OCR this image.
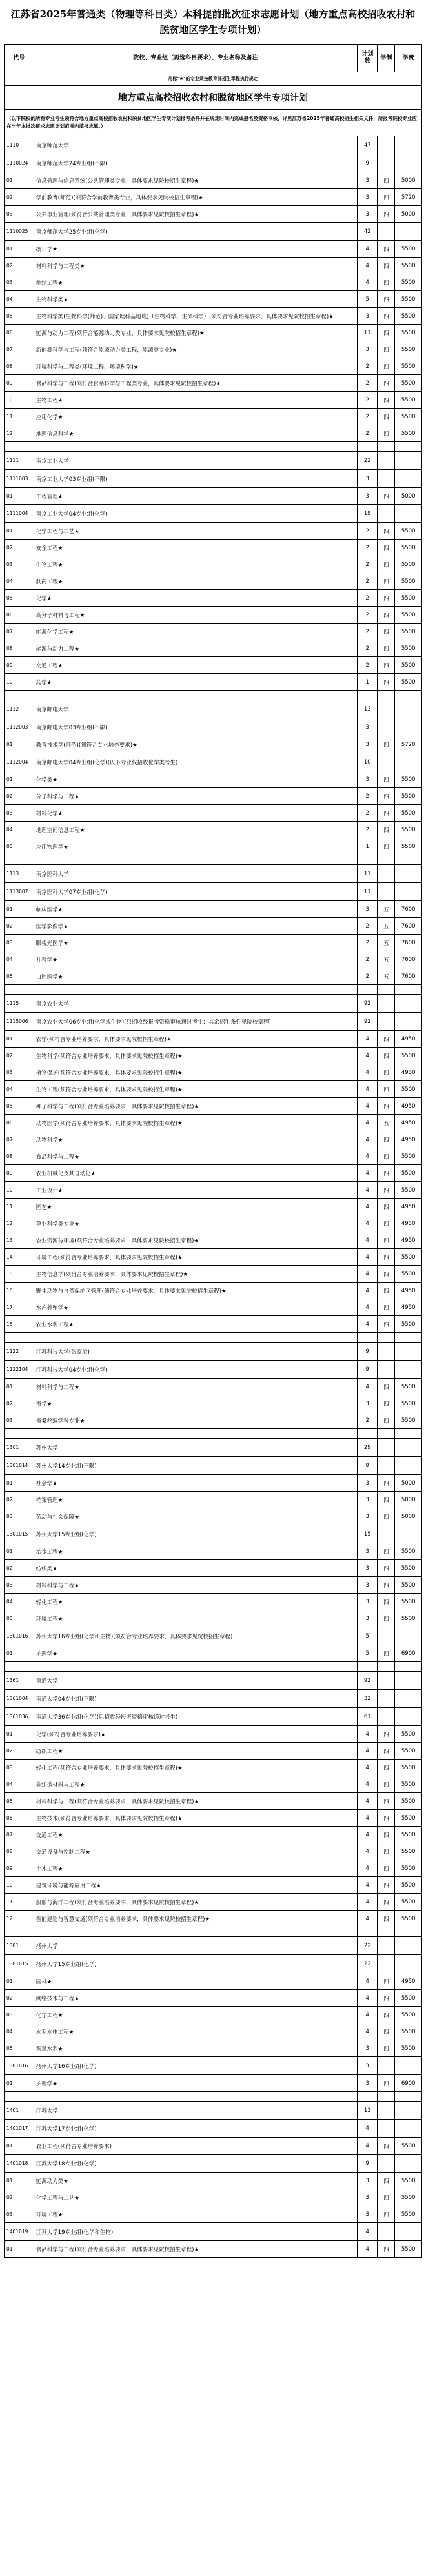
江苏省2025年普通类（物理等科目类）本科提前批次征求志愿计划（地方重点高校招收农村和脱贫地区学生专项计划）
代号	院校、专业组（再选科目要求）、专业名称及备注	计划数	学制	学费
凡标"★"的专业须按教育部招生章程执行规定				
地方重点高校招收农村和脱贫地区学生专项计划				
（以下院校的所有专业考生须符合地方重点高校招收农村和脱贫地区学生专项计划报考条件并在规定时间内完成报名及资格审核，详见江苏省2025年普通高校招生相关文件，所报考院校专业应在当年本批次征求志愿计划范围内填报志愿。）				
1110	南京师范大学	47		
1110024	南京师范大学24专业组(不限)	9		
01	信息管理与信息系统(公共管理类专业，具体要求见院校招生章程)★	3	四	5000
02	学前教育(师范)(须符合学前教育类专业，具体要求见院校招生章程)★	3	四	5720
03	公共事业管理(须符合公共管理类专业，具体要求见院校招生章程)★	3	四	5000
1110025	南京师范大学25专业组(化学)	42		
01	统计学★	4	四	5500
02	材料科学与工程类★	4	四	5500
03	测绘工程★	4	四	5500
04	生物科学类★	5	四	5500
05	生物科学类(生物科学(师范)、国家理科基地班)（生物科学、生命科学）(须符合专业培养要求，具体要求见院校招生章程)★	3	四	5500
06	能源与动力工程(须符合能源动力类专业，具体要求见院校招生章程)★	11	四	5500
07	新能源科学与工程(须符合能源动力类工程，能源类专业)★	3	四	5500
08	环境科学与工程类(环境工程、环境科学)★	2	四	5500
09	食品科学与工程(须符合食品科学与工程类专业，具体要求见院校招生章程)★	2	四	5500
10	生物工程★	2	四	5500
11	应用化学★	2	四	5500
12	地理信息科学★	2	四	5500

1111	南京工业大学	22		
1111003	南京工业大学03专业组(不限)	3		
01	工程管理★	3	四	5000
1111004	南京工业大学04专业组(化学)	19		
01	化学工程与工艺★	2	四	5500
02	安全工程★	2	四	5500
03	生物工程★	2	四	5500
04	制药工程★	2	四	5500
05	化学★	2	四	5500
06	高分子材料与工程★	2	四	5500
07	能源化学工程★	2	四	5500
08	能源与动力工程★	2	四	5500
09	交通工程★	2	四	5500
10	药学★	1	四	5500

1112	南京邮电大学	13		
1112003	南京邮电大学03专业组(不限)	3		
01	教育技术学(师范)(须符合专业培养要求)★	3	四	5720
1112004	南京邮电大学04专业组(化学)(以下专业仅招收化学类考生)	10		
01	化学类★	3	四	5500
02	分子科学与工程★	2	四	5500
03	材料化学★	2	四	5500
04	地理空间信息工程★	2	四	5500
05	应用物理学★	1	四	5500

1113	南京医科大学	11		
1113007	南京医科大学07专业组(化学)	11		
01	临床医学★	3	五	7600
02	医学影像学★	2	五	7600
03	眼视光医学★	2	五	7600
04	儿科学★	2	五	7600
05	口腔医学★	2	五	7600

1115	南京农业大学	92		
1115006	南京农业大学06专业组(化学或生物)(只招收经报考资格审核通过考生；其余招生条件见院校章程)	92		
01	农学(须符合专业培养要求，具体要求见院校招生章程)★	4	四	4950
02	生物科学(须符合专业培养要求，具体要求见院校招生章程)★	4	四	5500
03	植物保护(须符合专业培养要求，具体要求见院校招生章程)★	4	四	4950
04	生物工程(须符合专业培养要求，具体要求见院校招生章程)★	4	四	5500
05	种子科学与工程(须符合专业培养要求，具体要求见院校招生章程)★	4	四	4950
06	动物医学(须符合专业培养要求，具体要求见院校招生章程)★	4	五	4950
07	动物科学★	4	四	4950
08	食品科学与工程★	4	四	5500
09	农业机械化及其自动化★	4	四	5500
10	工业设计★	4	四	5500
11	园艺★	4	四	4950
12	草业科学类专业★	4	四	4950
13	农业资源与环境(须符合专业培养要求，具体要求见院校招生章程)★	4	四	4950
14	环境工程(须符合专业培养要求，具体要求见院校招生章程)★	4	四	5500
15	生物信息学(须符合专业培养要求，具体要求见院校招生章程)★	4	四	5500
16	野生动物与自然保护区管理(须符合专业培养要求，具体要求见院校招生章程)★	4	四	4950
17	水产养殖学★	4	四	4950
18	农业水利工程★	4	四	5500

1122	江苏科技大学(张家港)	9		
1122104	江苏科技大学04专业组(化学)	9		
01	材料科学与工程★	4	四	5500
02	蚕学★	3	四	5500
03	蚕桑丝绸学科专业★	2	四	5500

1301	苏州大学	29		
1301014	苏州大学14专业组(不限)	9		
01	社会学★	3	四	5000
02	档案管理★	3	四	5000
03	劳动与社会保障★	3	四	5000
1301015	苏州大学15专业组(化学)	15		
01	冶金工程★	3	四	5500
02	纺织类★	3	四	5500
03	材料科学与工程★	3	四	5500
04	轻化工程★	3	四	5500
05	环境工程★	3	四	5500
1301016	苏州大学16专业组(化学和生物)(须符合专业培养要求，具体要求见院校招生章程)	5		
01	护理学★	5	四	6900

1361	南通大学	92		
1361004	南通大学04专业组(不限)	32		
1361036	南通大学36专业组(化学)(只招收经报考资格审核通过考生)	61		
01	化学(须符合专业培养要求)★	4	四	5500
02	纺织工程★	4	四	5500
03	轻化工程(须符合专业培养要求，具体要求见院校招生章程)★	4	四	5500
04	非织造材料与工程★	4	四	5500
05	材料科学与工程(须符合专业培养要求，具体要求见院校招生章程)★	4	四	5500
06	生物技术(须符合专业培养要求，具体要求见院校招生章程)★	4	四	5500
07	交通工程★	4	四	5500
08	交通设备与控制工程★	4	四	5500
09	土木工程★	4	四	5500
10	建筑环境与能源应用工程★	4	四	5500
11	船舶与海洋工程(须符合专业培养要求，具体要求见院校招生章程)★	4	四	5500
12	智能建造与智慧交通(须符合专业培养要求，具体要求见院校招生章程)★	4	四	5500

1381	扬州大学	22		
1381015	扬州大学15专业组(化学)	22		
01	园林★	4	四	4950
02	网络技术与工程★	4	四	5500
03	化学工程★	4	四	5500
04	水利水电工程★	4	四	5500
05	智慧水利★	3	四	5500
1381016	扬州大学16专业组(化学)	3		
01	护理学★	3	四	6900

1401	江苏大学	13		
1401017	江苏大学17专业组(化学)	4		
01	农业工程(须符合专业培养要求)	4	四	5500
1401018	江苏大学18专业组(化学)	9		
01	能源动力类★	3	四	5500
02	化学工程与工艺★	3	四	5500
03	环境工程★	3	四	5500
1401019	江苏大学19专业组(化学和生物)	4		
01	食品科学与工程(须符合专业培养要求，具体要求见院校招生章程)★	4	四	5500
